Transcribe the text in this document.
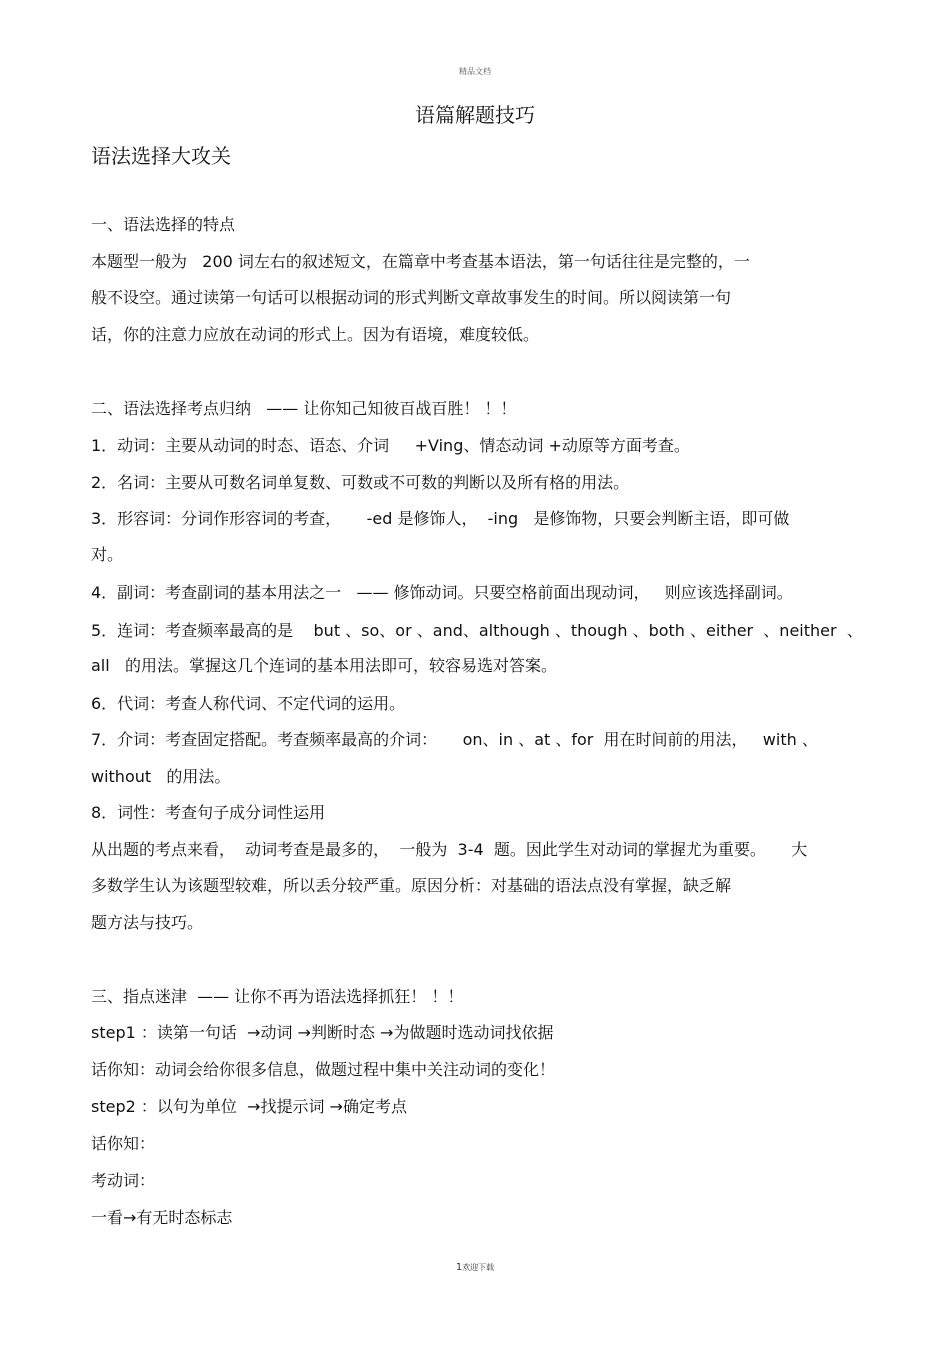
精品文档
语篇解题技巧
语法选择大攻关
一、语法选择的特点
本题型一般为   200 词左右的叙述短文，在篇章中考查基本语法，第一句话往往是完整的，一
般不设空。通过读第一句话可以根据动词的形式判断文章故事发生的时间。所以阅读第一句
话，你的注意力应放在动词的形式上。因为有语境，难度较低。
二、语法选择考点归纳   —— 让你知己知彼百战百胜！ ！！
1．动词：主要从动词的时态、语态、介词     +Ving、情态动词 +动原等方面考查。
2．名词：主要从可数名词单复数、可数或不可数的判断以及所有格的用法。
3．形容词：分词作形容词的考查，     -ed 是修饰人，  -ing   是修饰物，只要会判断主语，即可做
对。
4．副词：考查副词的基本用法之一   —— 修饰动词。只要空格前面出现动词，   则应该选择副词。
5．连词：考查频率最高的是    but 、so、or 、and、although 、though 、both 、either  、neither  、
all   的用法。掌握这几个连词的基本用法即可，较容易选对答案。
6．代词：考查人称代词、不定代词的运用。
7．介词：考查固定搭配。考查频率最高的介词：     on、in 、at 、for  用在时间前的用法，   with 、
without   的用法。
8．词性：考查句子成分词性运用
从出题的考点来看，  动词考查是最多的，  一般为  3-4  题。因此学生对动词的掌握尤为重要。     大
多数学生认为该题型较难，所以丢分较严重。原因分析：对基础的语法点没有掌握，缺乏解
题方法与技巧。
三、指点迷津  —— 让你不再为语法选择抓狂！ ！！
step1 ：读第一句话  →动词 →判断时态 →为做题时选动词找依据
话你知：动词会给你很多信息，做题过程中集中关注动词的变化！
step2 ：以句为单位  →找提示词 →确定考点
话你知：
考动词：
一看→有无时态标志
1欢迎下载
